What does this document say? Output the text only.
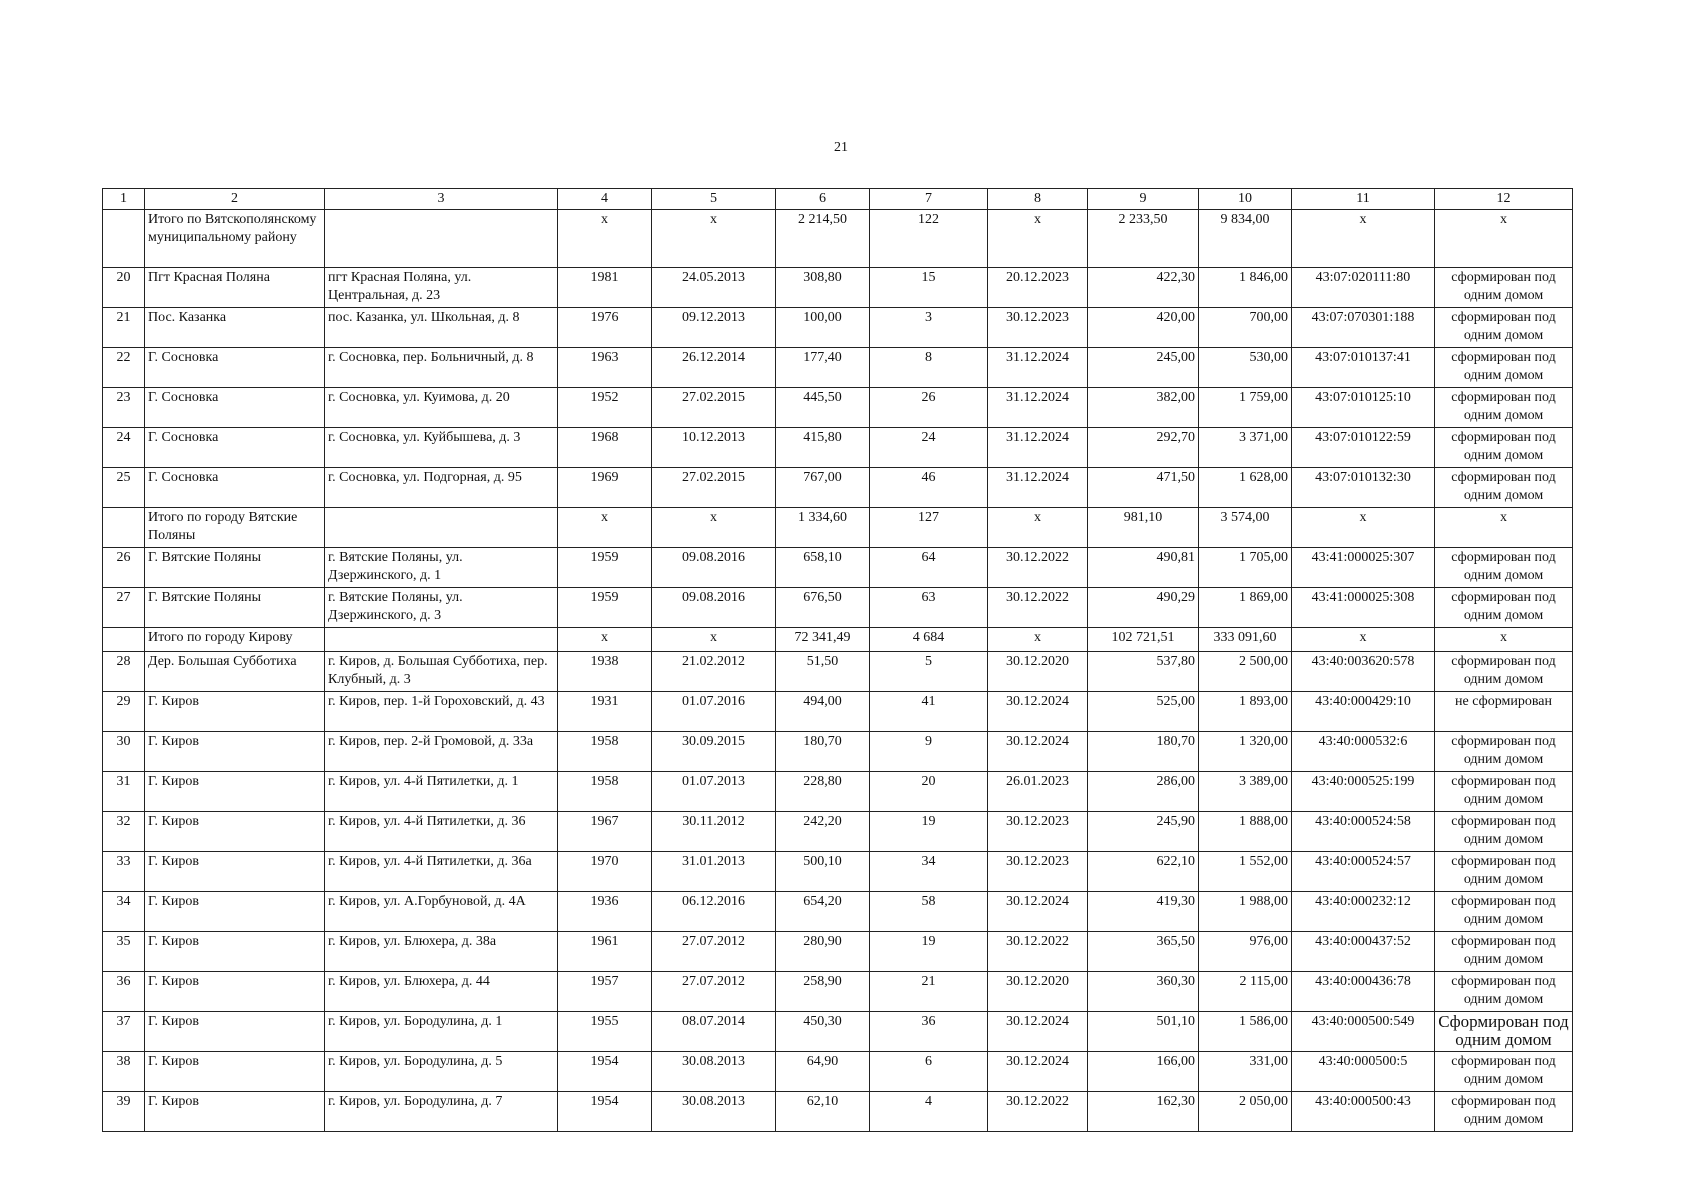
21
1	2	3	4	5	6	7	8	9	10	11	12
	Итого по Вятскополянскому муниципальному району		х	х	2 214,50	122	х	2 233,50	9 834,00	х	х
20	Пгт Красная Поляна	пгт Красная Поляна, ул. Центральная, д. 23	1981	24.05.2013	308,80	15	20.12.2023	422,30	1 846,00	43:07:020111:80	сформирован под одним домом
21	Пос. Казанка	пос. Казанка, ул. Школьная, д. 8	1976	09.12.2013	100,00	3	30.12.2023	420,00	700,00	43:07:070301:188	сформирован под одним домом
22	Г. Сосновка	г. Сосновка, пер. Больничный, д. 8	1963	26.12.2014	177,40	8	31.12.2024	245,00	530,00	43:07:010137:41	сформирован под одним домом
23	Г. Сосновка	г. Сосновка, ул. Куимова, д. 20	1952	27.02.2015	445,50	26	31.12.2024	382,00	1 759,00	43:07:010125:10	сформирован под одним домом
24	Г. Сосновка	г. Сосновка, ул. Куйбышева, д. 3	1968	10.12.2013	415,80	24	31.12.2024	292,70	3 371,00	43:07:010122:59	сформирован под одним домом
25	Г. Сосновка	г. Сосновка, ул. Подгорная, д. 95	1969	27.02.2015	767,00	46	31.12.2024	471,50	1 628,00	43:07:010132:30	сформирован под одним домом
	Итого по городу Вятские Поляны		х	х	1 334,60	127	х	981,10	3 574,00	х	х
26	Г. Вятские Поляны	г. Вятские Поляны, ул. Дзержинского, д. 1	1959	09.08.2016	658,10	64	30.12.2022	490,81	1 705,00	43:41:000025:307	сформирован под одним домом
27	Г. Вятские Поляны	г. Вятские Поляны, ул. Дзержинского, д. 3	1959	09.08.2016	676,50	63	30.12.2022	490,29	1 869,00	43:41:000025:308	сформирован под одним домом
	Итого по городу Кирову		х	х	72 341,49	4 684	х	102 721,51	333 091,60	х	х
28	Дер. Большая Субботиха	г. Киров, д. Большая Субботиха, пер. Клубный, д. 3	1938	21.02.2012	51,50	5	30.12.2020	537,80	2 500,00	43:40:003620:578	сформирован под одним домом
29	Г. Киров	г. Киров, пер. 1-й Гороховский, д. 43	1931	01.07.2016	494,00	41	30.12.2024	525,00	1 893,00	43:40:000429:10	не сформирован
30	Г. Киров	г. Киров, пер. 2-й Громовой, д. 33а	1958	30.09.2015	180,70	9	30.12.2024	180,70	1 320,00	43:40:000532:6	сформирован под одним домом
31	Г. Киров	г. Киров, ул. 4-й Пятилетки, д. 1	1958	01.07.2013	228,80	20	26.01.2023	286,00	3 389,00	43:40:000525:199	сформирован под одним домом
32	Г. Киров	г. Киров, ул. 4-й Пятилетки, д. 36	1967	30.11.2012	242,20	19	30.12.2023	245,90	1 888,00	43:40:000524:58	сформирован под одним домом
33	Г. Киров	г. Киров, ул. 4-й Пятилетки, д. 36а	1970	31.01.2013	500,10	34	30.12.2023	622,10	1 552,00	43:40:000524:57	сформирован под одним домом
34	Г. Киров	г. Киров, ул. А.Горбуновой, д. 4А	1936	06.12.2016	654,20	58	30.12.2024	419,30	1 988,00	43:40:000232:12	сформирован под одним домом
35	Г. Киров	г. Киров, ул. Блюхера, д. 38а	1961	27.07.2012	280,90	19	30.12.2022	365,50	976,00	43:40:000437:52	сформирован под одним домом
36	Г. Киров	г. Киров, ул. Блюхера, д. 44	1957	27.07.2012	258,90	21	30.12.2020	360,30	2 115,00	43:40:000436:78	сформирован под одним домом
37	Г. Киров	г. Киров, ул. Бородулина, д. 1	1955	08.07.2014	450,30	36	30.12.2024	501,10	1 586,00	43:40:000500:549	Сформирован под одним домом
38	Г. Киров	г. Киров, ул. Бородулина, д. 5	1954	30.08.2013	64,90	6	30.12.2024	166,00	331,00	43:40:000500:5	сформирован под одним домом
39	Г. Киров	г. Киров, ул. Бородулина, д. 7	1954	30.08.2013	62,10	4	30.12.2022	162,30	2 050,00	43:40:000500:43	сформирован под одним домом
